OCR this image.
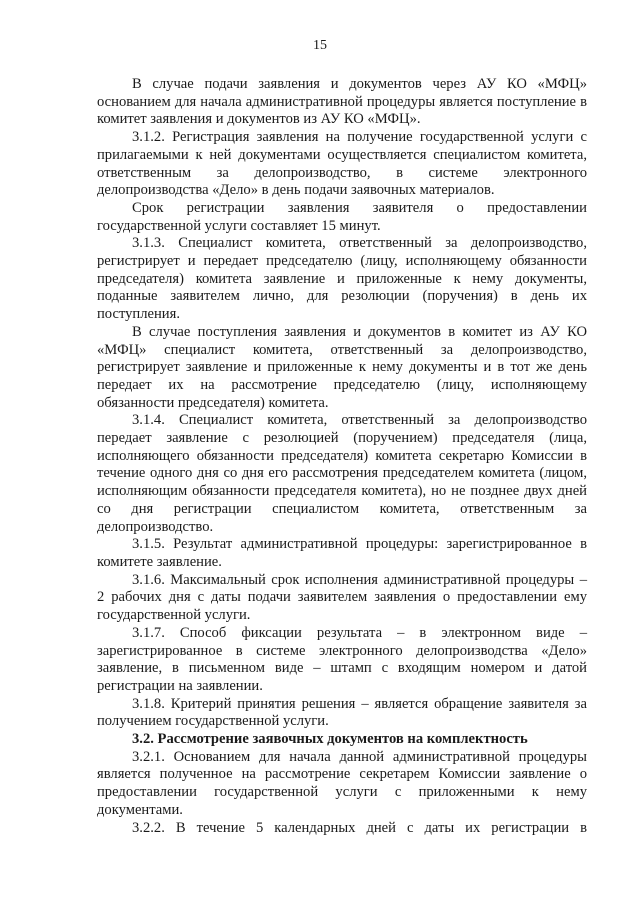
15

В случае подачи заявления и документов через АУ КО «МФЦ» основанием для начала административной процедуры является поступление в комитет заявления и документов из АУ КО «МФЦ».

3.1.2. Регистрация заявления на получение государственной услуги с прилагаемыми к ней документами осуществляется специалистом комитета, ответственным за делопроизводство, в системе электронного делопроизводства «Дело» в день подачи заявочных материалов.

Срок регистрации заявления заявителя о предоставлении государственной услуги составляет 15 минут.

3.1.3. Специалист комитета, ответственный за делопроизводство, регистрирует и передает председателю (лицу, исполняющему обязанности председателя) комитета заявление и приложенные к нему документы, поданные заявителем лично, для резолюции (поручения) в день их поступления.

В случае поступления заявления и документов в комитет из АУ КО «МФЦ» специалист комитета, ответственный за делопроизводство, регистрирует заявление и приложенные к нему документы и в тот же день передает их на рассмотрение председателю (лицу, исполняющему обязанности председателя) комитета.

3.1.4. Специалист комитета, ответственный за делопроизводство передает заявление с резолюцией (поручением) председателя (лица, исполняющего обязанности председателя) комитета секретарю Комиссии в течение одного дня со дня его рассмотрения председателем комитета (лицом, исполняющим обязанности председателя комитета), но не позднее двух дней со дня регистрации специалистом комитета, ответственным за делопроизводство.

3.1.5. Результат административной процедуры: зарегистрированное в комитете заявление.

3.1.6. Максимальный срок исполнения административной процедуры – 2 рабочих дня с даты подачи заявителем заявления о предоставлении ему государственной услуги.

3.1.7. Способ фиксации результата – в электронном виде – зарегистрированное в системе электронного делопроизводства «Дело» заявление, в письменном виде – штамп с входящим номером и датой регистрации на заявлении.

3.1.8. Критерий принятия решения – является обращение заявителя за получением государственной услуги.

3.2. Рассмотрение заявочных документов на комплектность

3.2.1. Основанием для начала данной административной процедуры является полученное на рассмотрение секретарем Комиссии заявление о предоставлении государственной услуги с приложенными к нему документами.

3.2.2. В течение 5 календарных дней с даты их регистрации в
